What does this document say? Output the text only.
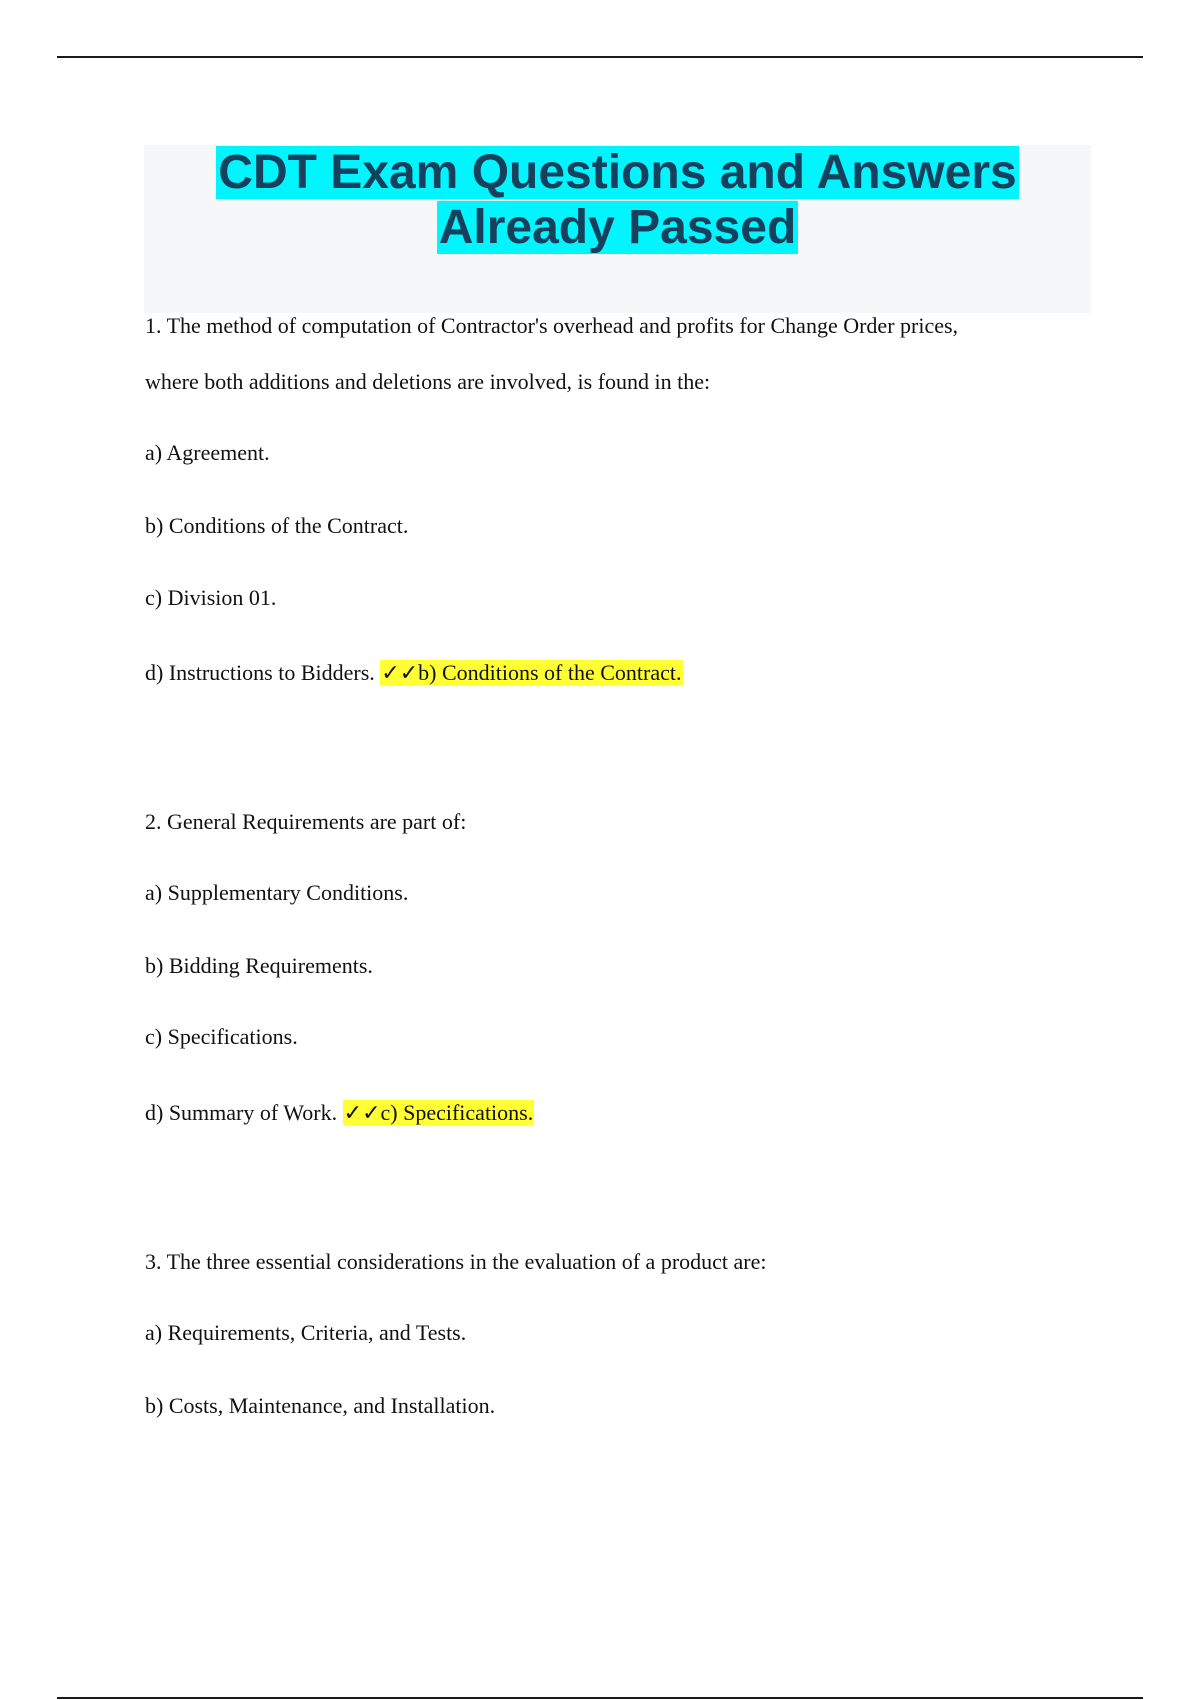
CDT Exam Questions and Answers
Already Passed
1. The method of computation of Contractor's overhead and profits for Change Order prices,
where both additions and deletions are involved, is found in the:
a) Agreement.
b) Conditions of the Contract.
c) Division 01.
d) Instructions to Bidders. ✓✓b) Conditions of the Contract.
2. General Requirements are part of:
a) Supplementary Conditions.
b) Bidding Requirements.
c) Specifications.
d) Summary of Work. ✓✓c) Specifications.
3. The three essential considerations in the evaluation of a product are:
a) Requirements, Criteria, and Tests.
b) Costs, Maintenance, and Installation.
